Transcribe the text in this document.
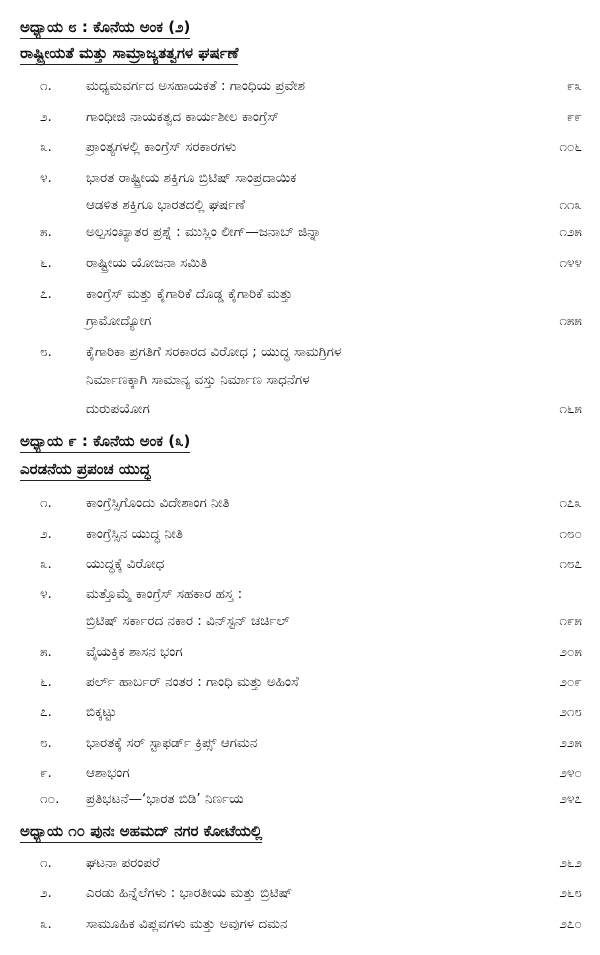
ಅಧ್ಯಾಯ ೮ : ಕೊನೆಯ ಅಂಕ (೨)
ರಾಷ್ಟ್ರೀಯತೆ ಮತ್ತು ಸಾಮ್ರಾಜ್ಯತತ್ವಗಳ ಘರ್ಷಣೆ
೧.	ಮಧ್ಯಮವರ್ಗದ ಅಸಹಾಯಕತೆ : ಗಾಂಧಿಯ ಪ್ರವೇಶ	೯೩
೨.	ಗಾಂಧೀಜಿ ನಾಯಕತ್ವದ ಕಾರ್ಯಶೀಲ ಕಾಂಗ್ರೆಸ್	೯೯
೩.	ಪ್ರಾಂತ್ಯಗಳಲ್ಲಿ ಕಾಂಗ್ರೆಸ್ ಸರಕಾರಗಳು	೧೦೬
೪.	ಭಾರತ ರಾಷ್ಟ್ರೀಯ ಶಕ್ತಿಗೂ ಬ್ರಿಟಿಷ್ ಸಾಂಪ್ರದಾಯಿಕ
ಆಡಳಿತ ಶಕ್ತಿಗೂ ಭಾರತದಲ್ಲಿ ಘರ್ಷಣೆ	೧೧೩
೫.	ಅಲ್ಪಸಂಖ್ಯಾತರ ಪ್ರಶ್ನೆ : ಮುಸ್ಲಿಂ ಲೀಗ್—ಜನಾಬ್ ಜಿನ್ನಾ	೧೨೫
೬.	ರಾಷ್ಟ್ರೀಯ ಯೋಜನಾ ಸಮಿತಿ	೧೪೪
೭.	ಕಾಂಗ್ರೆಸ್ ಮತ್ತು ಕೈಗಾರಿಕೆ ದೊಡ್ಡ ಕೈಗಾರಿಕೆ ಮತ್ತು
ಗ್ರಾಮೋದ್ಯೋಗ	೧೫೫
೮.	ಕೈಗಾರಿಕಾ ಪ್ರಗತಿಗೆ ಸರಕಾರದ ವಿರೋಧ ; ಯುದ್ಧ ಸಾಮಗ್ರಿಗಳ
ನಿರ್ಮಾಣಕ್ಕಾಗಿ ಸಾಮಾನ್ಯ ವಸ್ತು ನಿರ್ಮಾಣ ಸಾಧನೆಗಳ
ದುರುಪಯೋಗ	೧೬೫
ಅಧ್ಯಾಯ ೯ : ಕೊನೆಯ ಅಂಕ (೩)
ಎರಡನೆಯ ಪ್ರಪಂಚ ಯುದ್ಧ
೧.	ಕಾಂಗ್ರೆಸ್ಸಿಗೊಂದು ವಿದೇಶಾಂಗ ನೀತಿ	೧೭೩
೨.	ಕಾಂಗ್ರೆಸ್ಸಿನ ಯುದ್ಧ ನೀತಿ	೧೮೦
೩.	ಯುದ್ಧಕ್ಕೆ ವಿರೋಧ	೧೮೭
೪.	ಮತ್ತೊಮ್ಮೆ ಕಾಂಗ್ರೆಸ್ ಸಹಕಾರ ಹಸ್ತ :
ಬ್ರಿಟಿಷ್ ಸರ್ಕಾರದ ನಕಾರ : ವಿನ್‌ಸ್ಟನ್ ಚರ್ಚಿಲ್	೧೯೫
೫.	ವೈಯಕ್ತಿಕ ಶಾಸನ ಭಂಗ	೨೦೫
೬.	ಪರ್ಲ್ ಹಾರ್ಬರ್ ನಂತರ : ಗಾಂಧಿ ಮತ್ತು ಅಹಿಂಸೆ	೨೦೯
೭.	ಬಿಕ್ಕಟ್ಟು	೨೧೮
೮.	ಭಾರತಕ್ಕೆ ಸರ್ ಸ್ಟಾಫರ್ಡ್ ಕ್ರಿಪ್ಸ್ ಆಗಮನ	೨೨೫
೯.	ಆಶಾಭಂಗ	೨೪೦
೧೦.	ಪ್ರತಿಭಟನೆ—‘ಭಾರತ ಬಿಡಿ’ ನಿರ್ಣಯ	೨೪೭
ಅಧ್ಯಾಯ ೧೦ ಪುನಃ ಅಹಮದ್ ನಗರ ಕೋಟೆಯಲ್ಲಿ
೧.	ಘಟನಾ ಪರಂಪರೆ	೨೬೨
೨.	ಎರಡು ಹಿನ್ನೆಲೆಗಳು : ಭಾರತೀಯ ಮತ್ತು ಬ್ರಿಟಿಷ್	೨೬೮
೩.	ಸಾಮೂಹಿಕ ವಿಪ್ಲವಗಳು ಮತ್ತು ಅವುಗಳ ದಮನ	೨೭೦
